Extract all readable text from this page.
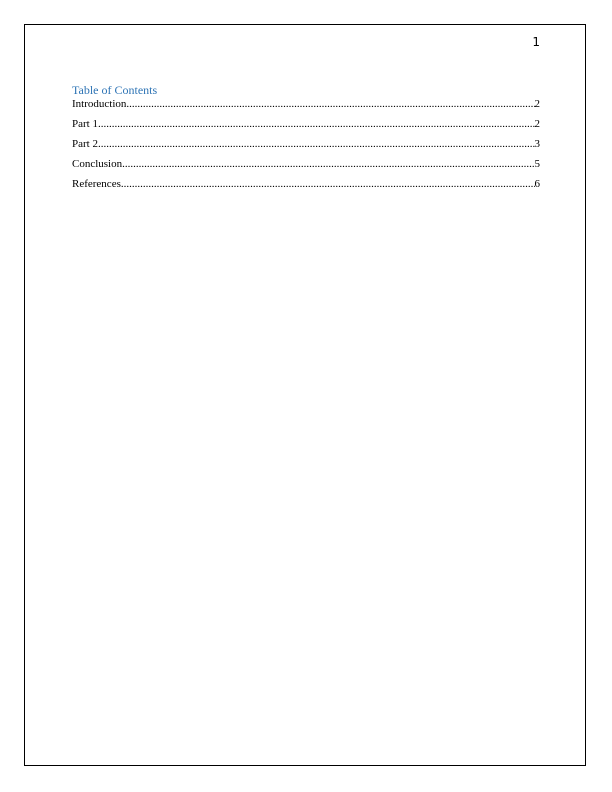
1
Table of Contents
Introduction .....	2
Part 1 .....	2
Part 2 .....	3
Conclusion .....	5
References .....	6
